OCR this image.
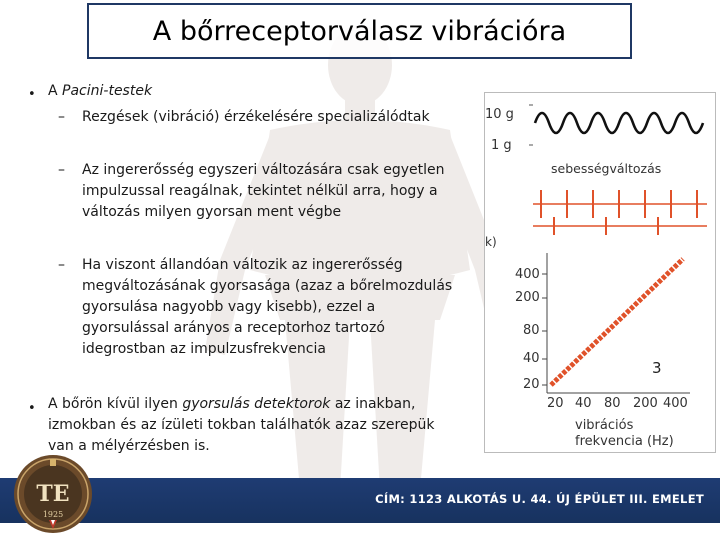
A bőrreceptorválasz vibrációra
• A Pacini-testek
– Rezgések (vibráció) érzékelésére specializálódtak
– Az ingererősség egyszeri változására csak egyetlen
impulzussal reagálnak, tekintet nélkül arra, hogy a
változás milyen gyorsan ment végbe
– Ha viszont állandóan változik az ingererősség
megváltozásának gyorsasága (azaz a bőrelmozdulás
gyorsulása nagyobb vagy kisebb), ezzel a
gyorsulással arányos a receptorhoz tartozó
idegrostban az impulzusfrekvencia
• A bőrön kívül ilyen gyorsulás detektorok az inakban,
izmokban és az ízületi tokban találhatók azaz szerepük
van a mélyérzésben is.
10 g
1 g
sebességváltozás
k)
400
200
80
40
20
20 40 80 200 400
3
vibrációs
frekvencia (Hz)
CÍM: 1123 ALKOTÁS U. 44. ÚJ ÉPÜLET III. EMELET
TE
1925
